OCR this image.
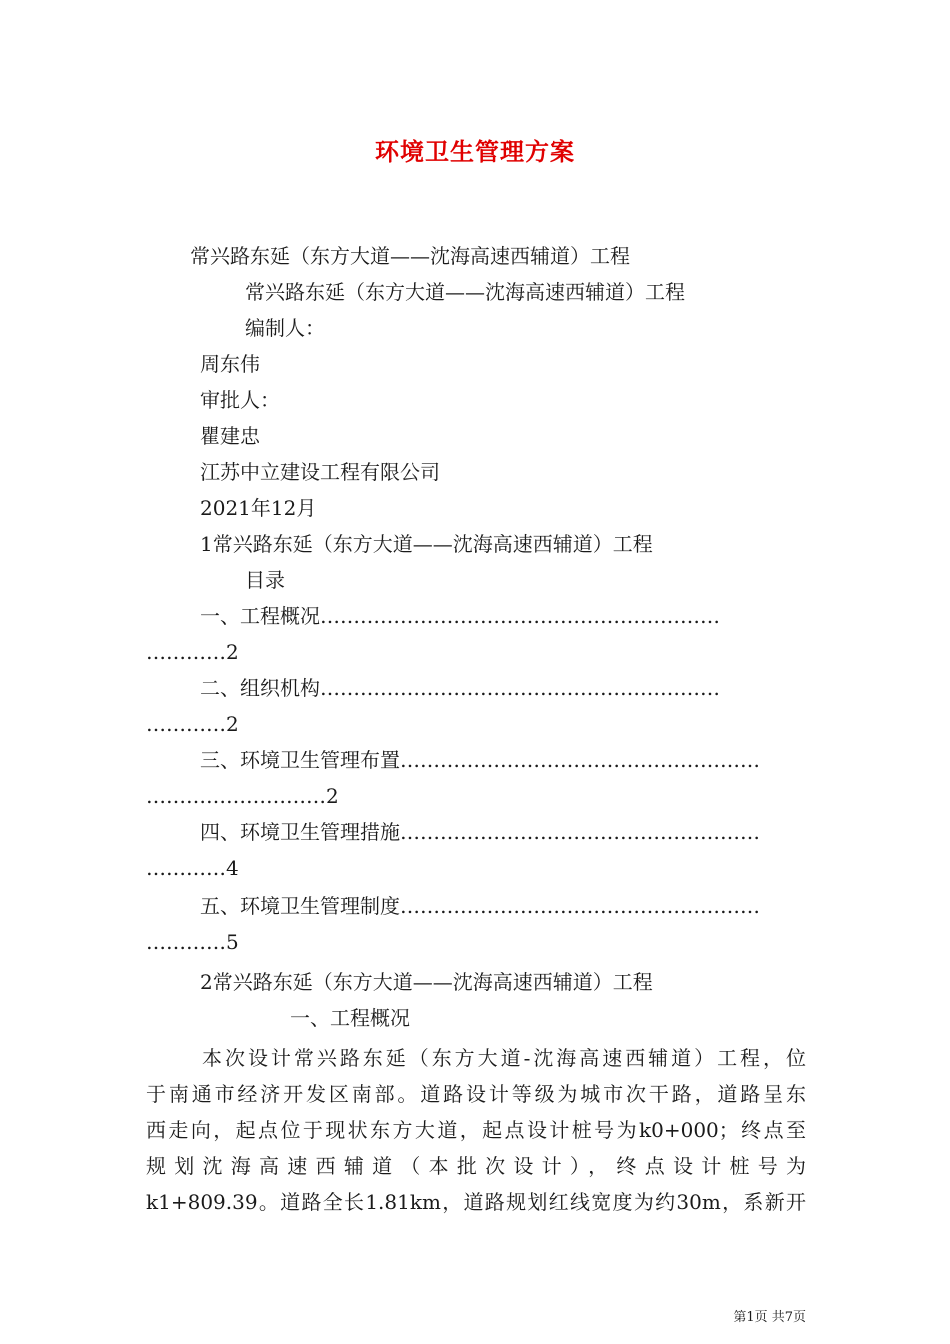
环境卫生管理方案
常兴路东延（东方大道——沈海高速西辅道）工程
常兴路东延（东方大道——沈海高速西辅道）工程
编制人：
周东伟
审批人：
瞿建忠
江苏中立建设工程有限公司
2021年12月
1常兴路东延（东方大道——沈海高速西辅道）工程
目录
一、工程概况……………………………………………………
…………2
二、组织机构……………………………………………………
…………2
三、环境卫生管理布置………………………………………………
………………………2
四、环境卫生管理措施………………………………………………
…………4
五、环境卫生管理制度………………………………………………
…………5
2常兴路东延（东方大道——沈海高速西辅道）工程
一、工程概况

本次设计常兴路东延（东方大道-沈海高速西辅道）工程，位

于南通市经济开发区南部。道路设计等级为城市次干路，道路呈东

西走向，起点位于现状东方大道，起点设计桩号为k0+000；终点至

规划沈海高速西辅道（本批次设计），终点设计桩号为

k1+809.39。道路全长1.81km，道路规划红线宽度为约30m，系新开

第1页 共7页
